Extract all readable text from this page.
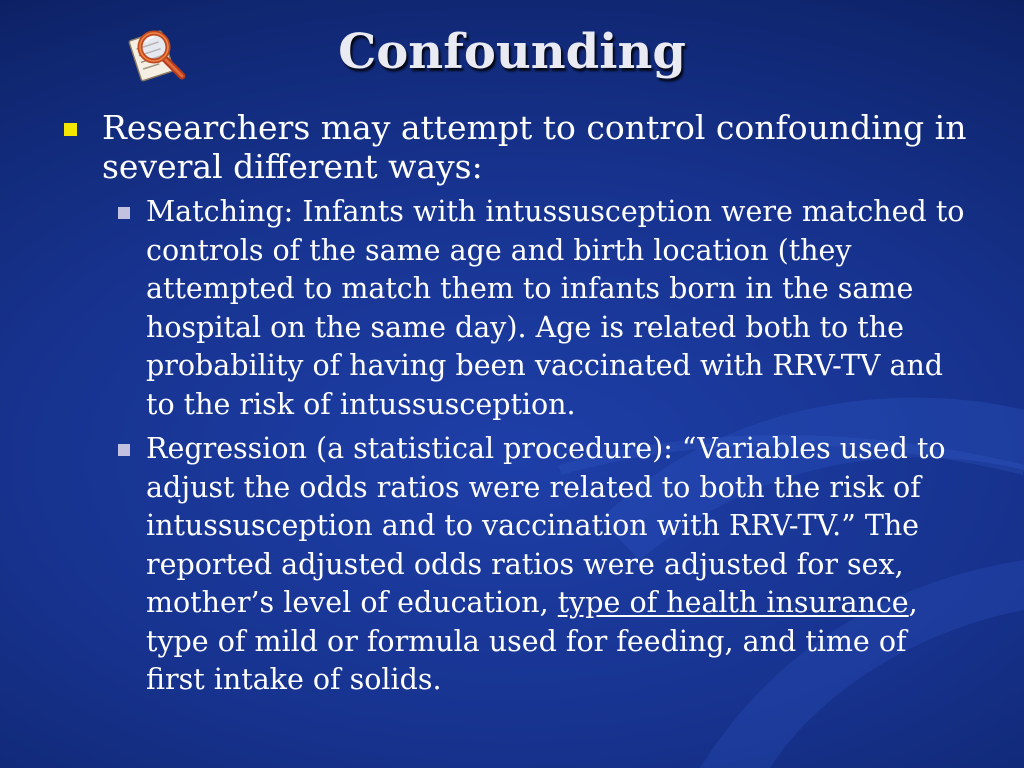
Confounding
Researchers may attempt to control confounding in several different ways:
Matching: Infants with intussusception were matched to controls of the same age and birth location (they attempted to match them to infants born in the same hospital on the same day). Age is related both to the probability of having been vaccinated with RRV-TV and to the risk of intussusception.
Regression (a statistical procedure): “Variables used to adjust the odds ratios were related to both the risk of intussusception and to vaccination with RRV-TV.” The reported adjusted odds ratios were adjusted for sex, mother’s level of education, type of health insurance, type of mild or formula used for feeding, and time of first intake of solids.
